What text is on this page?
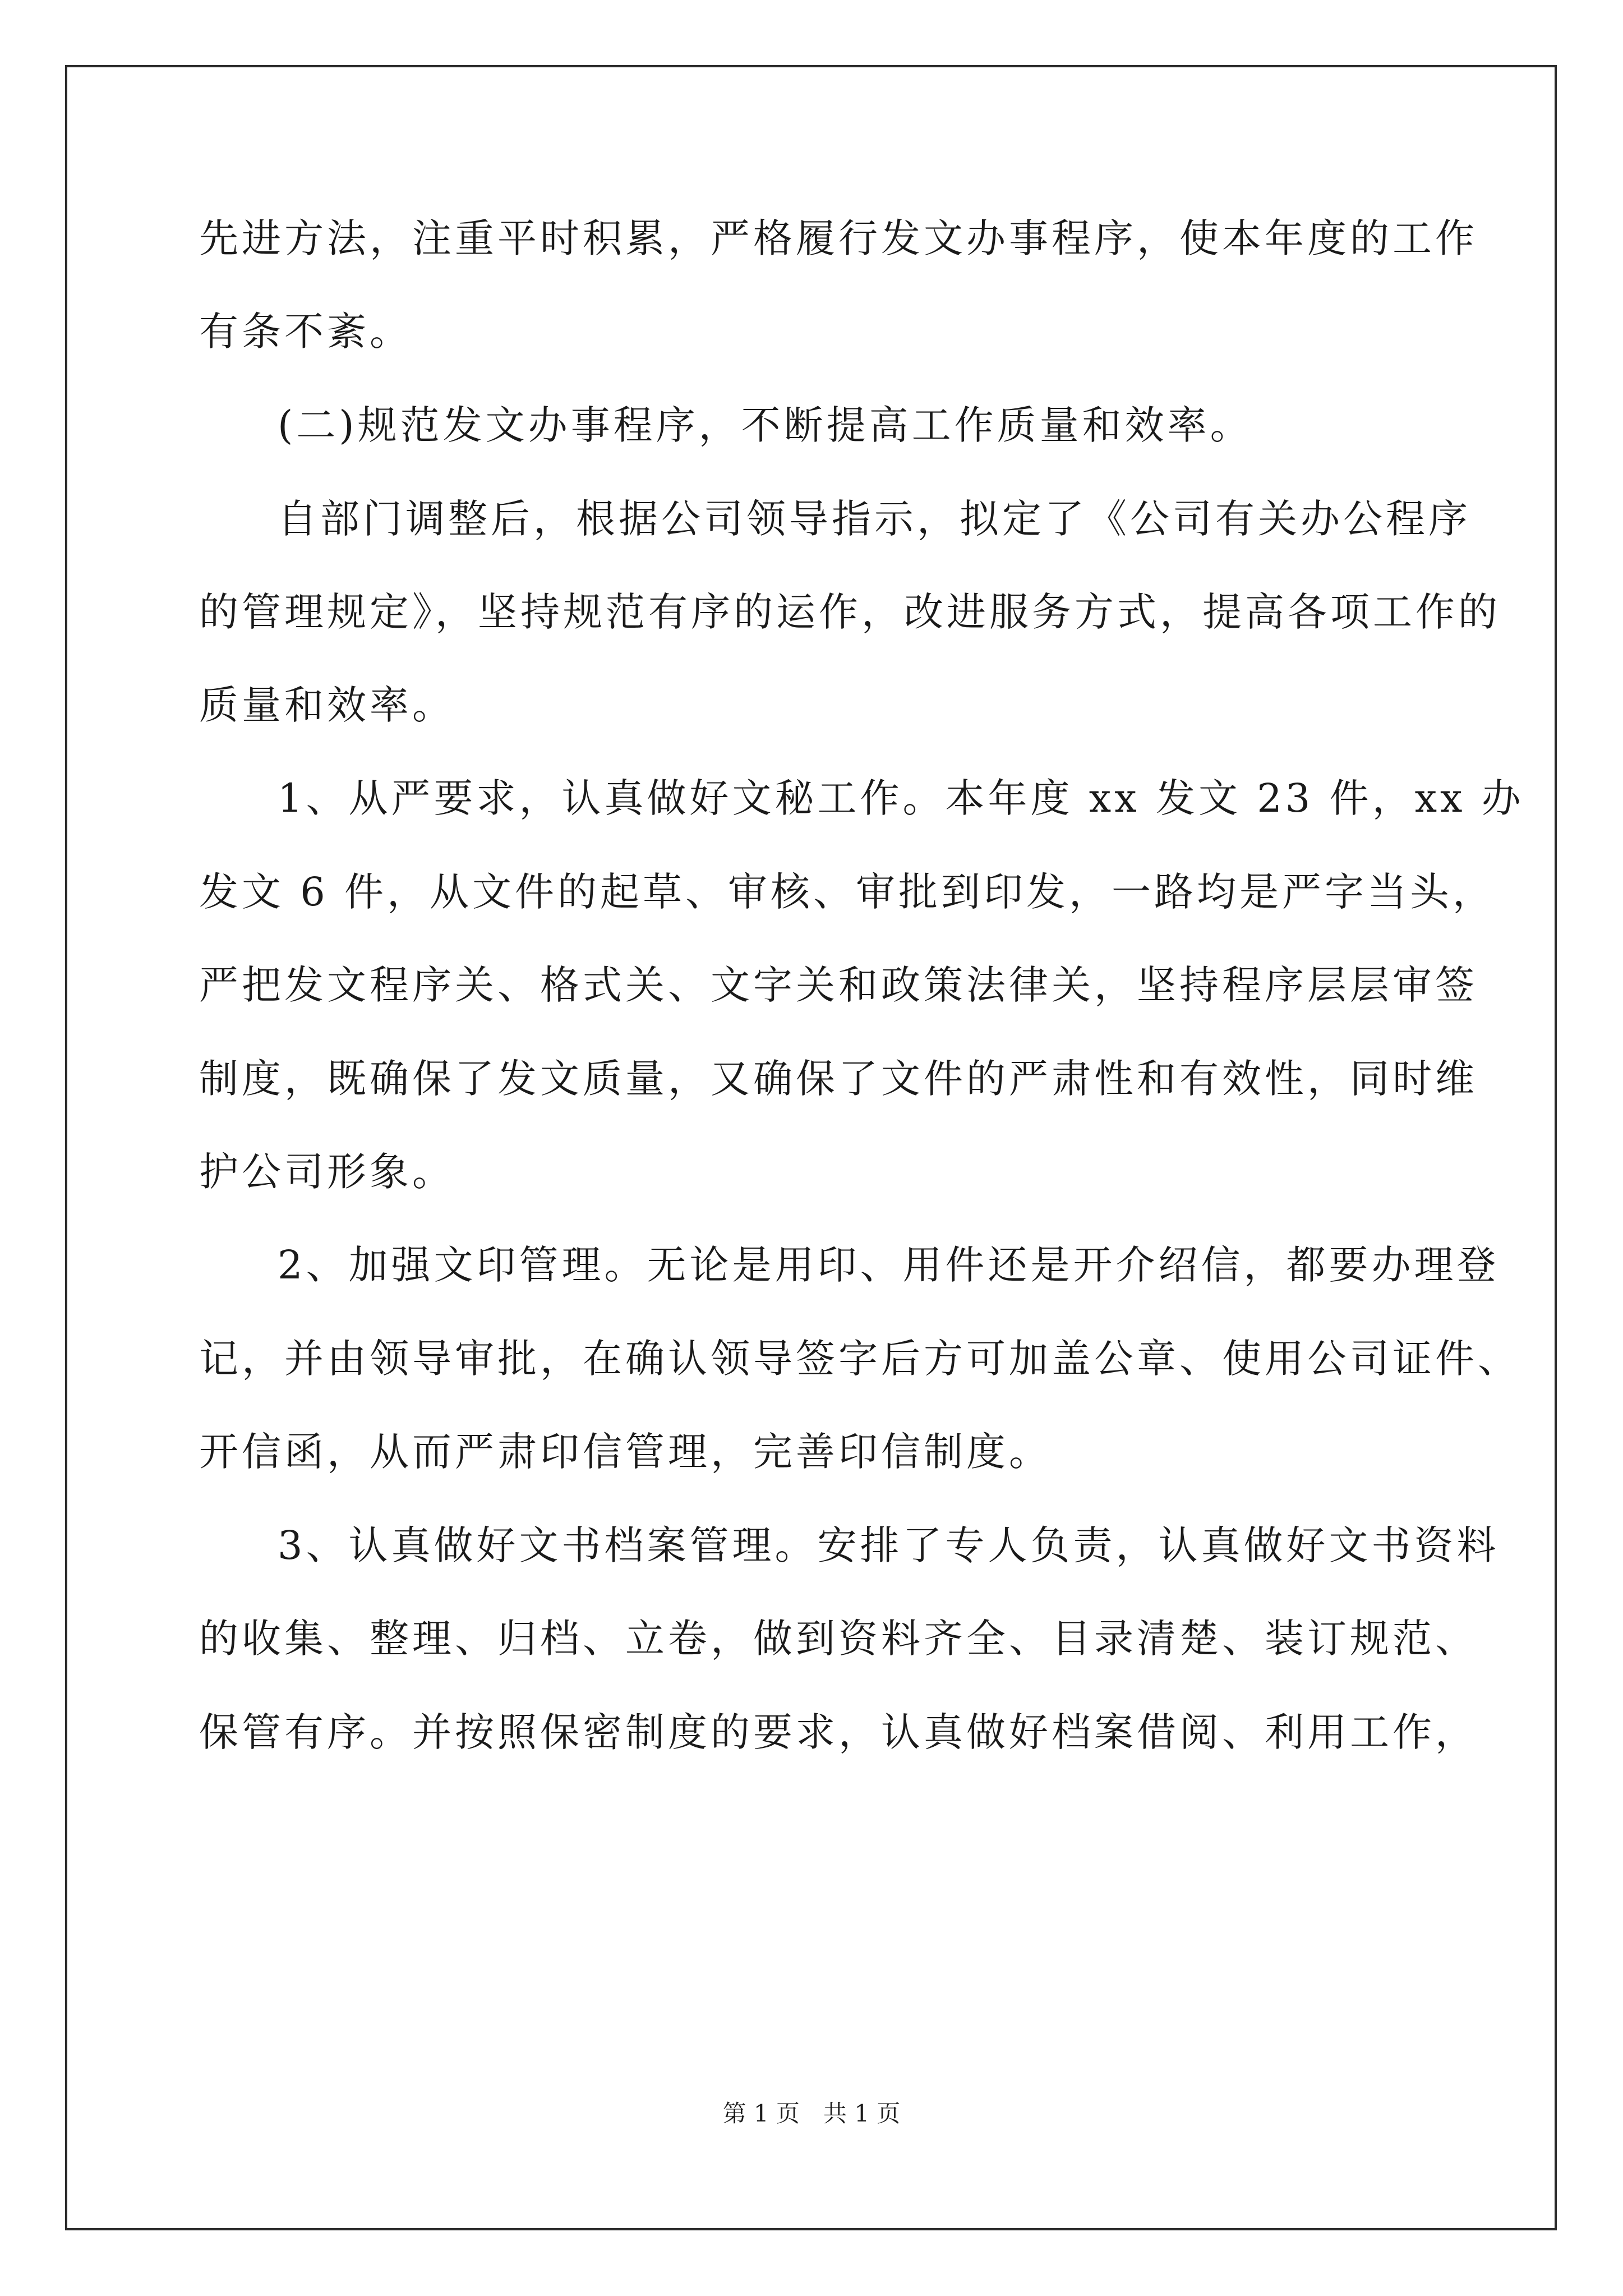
先进方法，注重平时积累，严格履行发文办事程序，使本年度的工作
有条不紊。
(二)规范发文办事程序，不断提高工作质量和效率。
自部门调整后，根据公司领导指示，拟定了《公司有关办公程序
的管理规定》，坚持规范有序的运作，改进服务方式，提高各项工作的
质量和效率。
1、从严要求，认真做好文秘工作。本年度 xx 发文 23 件，xx 办
发文 6 件，从文件的起草、审核、审批到印发，一路均是严字当头，
严把发文程序关、格式关、文字关和政策法律关，坚持程序层层审签
制度，既确保了发文质量，又确保了文件的严肃性和有效性，同时维
护公司形象。
2、加强文印管理。无论是用印、用件还是开介绍信，都要办理登
记，并由领导审批，在确认领导签字后方可加盖公章、使用公司证件、
开信函，从而严肃印信管理，完善印信制度。
3、认真做好文书档案管理。安排了专人负责，认真做好文书资料
的收集、整理、归档、立卷，做到资料齐全、目录清楚、装订规范、
保管有序。并按照保密制度的要求，认真做好档案借阅、利用工作，
第 1 页 共 1 页
